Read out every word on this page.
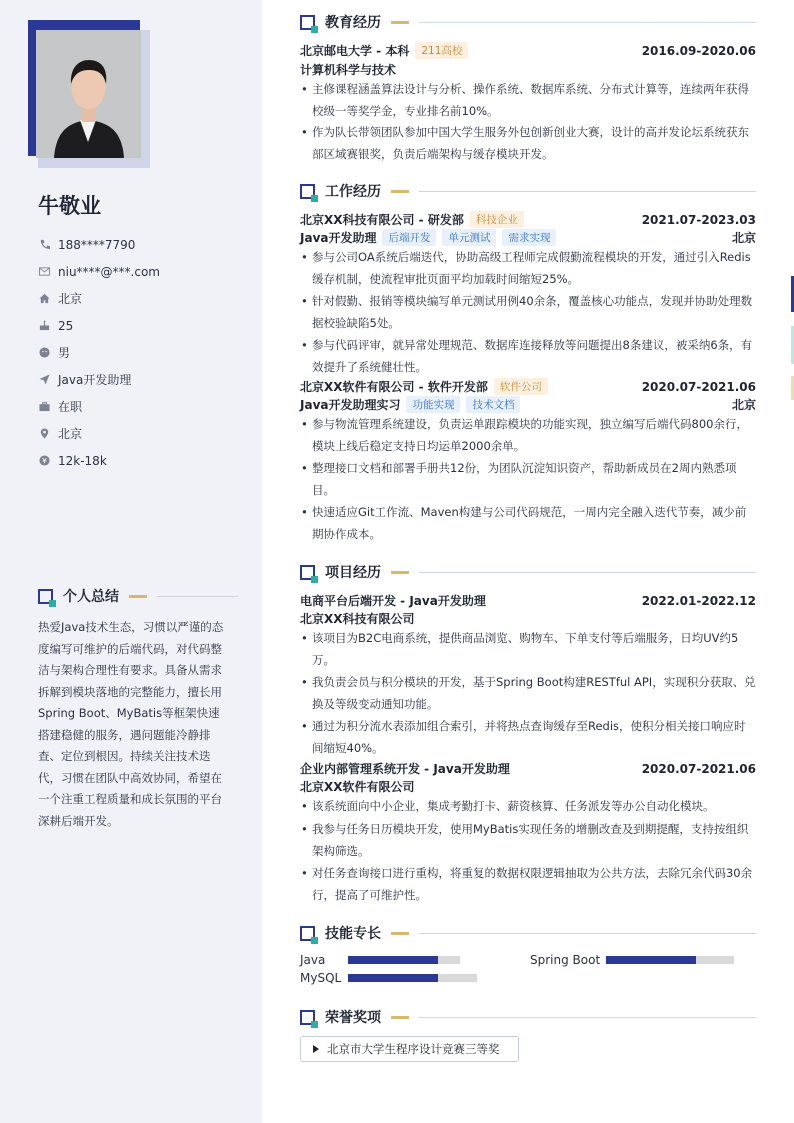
牛敬业
188****7790
niu****@***.com
北京
25
男
Java开发助理
在职
北京
12k-18k
个人总结
热爱Java技术生态，习惯以严谨的态度编写可维护的后端代码，对代码整洁与架构合理性有要求。具备从需求拆解到模块落地的完整能力，擅长用Spring Boot、MyBatis等框架快速搭建稳健的服务，遇问题能冷静排查、定位到根因。持续关注技术迭代，习惯在团队中高效协同，希望在一个注重工程质量和成长氛围的平台深耕后端开发。
教育经历
北京邮电大学 - 本科	211高校	2016.09-2020.06
计算机科学与技术
• 主修课程涵盖算法设计与分析、操作系统、数据库系统、分布式计算等，连续两年获得校级一等奖学金，专业排名前10%。
• 作为队长带领团队参加中国大学生服务外包创新创业大赛，设计的高并发论坛系统获东部区域赛银奖，负责后端架构与缓存模块开发。
工作经历
北京XX科技有限公司 - 研发部	科技企业	2021.07-2023.03
Java开发助理	后端开发	单元测试	需求实现	北京
• 参与公司OA系统后端迭代，协助高级工程师完成假勤流程模块的开发，通过引入Redis缓存机制，使流程审批页面平均加载时间缩短25%。
• 针对假勤、报销等模块编写单元测试用例40余条，覆盖核心功能点，发现并协助处理数据校验缺陷5处。
• 参与代码评审，就异常处理规范、数据库连接释放等问题提出8条建议，被采纳6条，有效提升了系统健壮性。
北京XX软件有限公司 - 软件开发部	软件公司	2020.07-2021.06
Java开发助理实习	功能实现	技术文档	北京
• 参与物流管理系统建设，负责运单跟踪模块的功能实现，独立编写后端代码800余行，模块上线后稳定支持日均运单2000余单。
• 整理接口文档和部署手册共12份，为团队沉淀知识资产，帮助新成员在2周内熟悉项目。
• 快速适应Git工作流、Maven构建与公司代码规范，一周内完全融入迭代节奏，减少前期协作成本。
项目经历
电商平台后端开发 - Java开发助理	2022.01-2022.12
北京XX科技有限公司
• 该项目为B2C电商系统，提供商品浏览、购物车、下单支付等后端服务，日均UV约5万。
• 我负责会员与积分模块的开发，基于Spring Boot构建RESTful API，实现积分获取、兑换及等级变动通知功能。
• 通过为积分流水表添加组合索引，并将热点查询缓存至Redis，使积分相关接口响应时间缩短40%。
企业内部管理系统开发 - Java开发助理	2020.07-2021.06
北京XX软件有限公司
• 该系统面向中小企业，集成考勤打卡、薪资核算、任务派发等办公自动化模块。
• 我参与任务日历模块开发，使用MyBatis实现任务的增删改查及到期提醒，支持按组织架构筛选。
• 对任务查询接口进行重构，将重复的数据权限逻辑抽取为公共方法，去除冗余代码30余行，提高了可维护性。
技能专长
Java	Spring Boot
MySQL
荣誉奖项
北京市大学生程序设计竞赛三等奖
